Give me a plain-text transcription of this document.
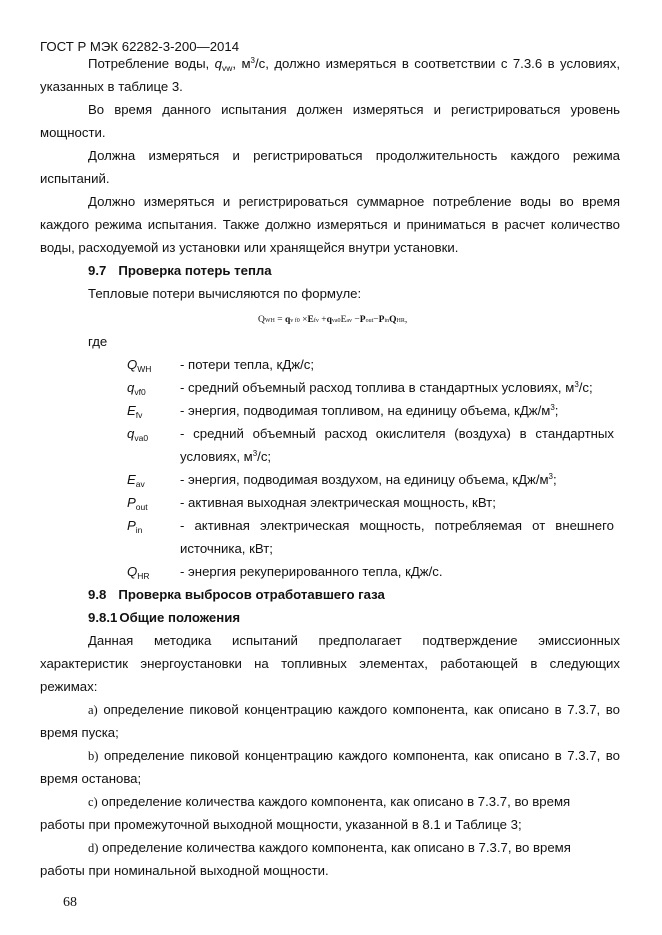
ГОСТ Р МЭК 62282-3-200—2014
Потребление воды, $q_{vw}$, $м^3/с$, должно измеряться в соответствии с 7.3.6 в условиях,
указанных в таблице 3.
Во время данного испытания должен измеряться и регистрироваться уровень
мощности.
Должна измеряться и регистрироваться продолжительность каждого режима
испытаний.
Должно измеряться и регистрироваться суммарное потребление воды во время
каждого режима испытания. Также должно измеряться и приниматься в расчет количество
воды, расходуемой из установки или хранящейся внутри установки.
9.7 Проверка потерь тепла
Тепловые потери вычисляются по формуле:
QWH = qv f0 ×Efv +qva0Eav −Pout−PinQHR,
где
$Q_{WH}$ - потери тепла, кДж/с;
$q_{vf0}$	- средний объемный расход топлива в стандартных условиях, $м^3/с$;
$E_{fv}$	- энергия, подводимая топливом, на единицу объема, кДж/$м^3$;
$q_{va0}$ - средний объемный расход окислителя (воздуха) в стандартных
условиях, $м^3/с$;
$E_{av}$	- энергия, подводимая воздухом, на единицу объема, кДж/$м^3$;
$P_{out}$ - активная выходная электрическая мощность, кВт;
$P_{in}$	- активная электрическая мощность, потребляемая от внешнего
источника, кВт;
$Q_{HR}$ - энергия рекуперированного тепла, кДж/с.
9.8 Проверка выбросов отработавшего газа
9.8.1 Общие положения
Данная методика испытаний предполагает подтверждение эмиссионных
характеристик энергоустановки на топливных элементах, работающей в следующих
режимах:
a) определение пиковой концентрацию каждого компонента, как описано в 7.3.7, во
время пуска;
b) определение пиковой концентрацию каждого компонента, как описано в 7.3.7, во
время останова;
c) определение количества каждого компонента, как описано в 7.3.7, во время
работы при промежуточной выходной мощности, указанной в 8.1 и Таблице 3;
d) определение количества каждого компонента, как описано в 7.3.7, во время
работы при номинальной выходной мощности.
68
